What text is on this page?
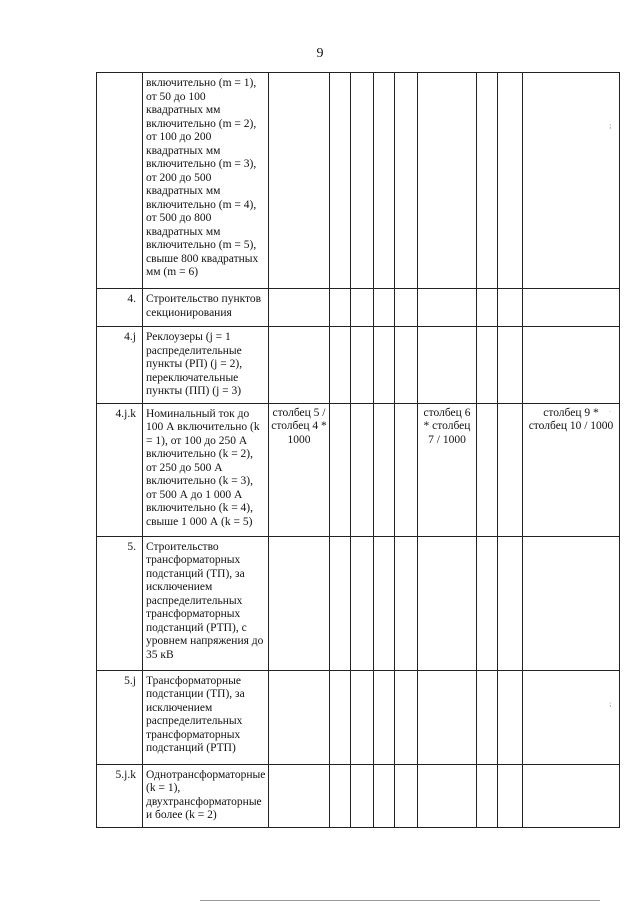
9
	включительно (m = 1), от 50 до 100 квадратных мм включительно (m = 2), от 100 до 200 квадратных мм включительно (m = 3), от 200 до 500 квадратных мм включительно (m = 4), от 500 до 800 квадратных мм включительно (m = 5), свыше 800 квадратных мм (m = 6)									
4.	Строительство пунктов секционирования									
4.j	Реклоузеры (j = 1 распределительные пункты (РП) (j = 2), переключательные пункты (ПП) (j = 3)									
4.j.k	Номинальный ток до 100 А включительно (k = 1), от 100 до 250 А включительно (k = 2), от 250 до 500 А включительно (k = 3), от 500 А до 1 000 А включительно (k = 4), свыше 1 000 А (k = 5)	столбец 5 / столбец 4 * 1000					столбец 6 * столбец 7 / 1000			столбец 9 * столбец 10 / 1000
5.	Строительство трансформаторных подстанций (ТП), за исключением распределительных трансформаторных подстанций (РТП), с уровнем напряжения до 35 кВ									
5.j	Трансформаторные подстанции (ТП), за исключением распределительных трансформаторных подстанций (РТП)									
5.j.k	Однотрансформаторные (k = 1), двухтрансформаторные и более (k = 2)									
⁏
˙
⁏
